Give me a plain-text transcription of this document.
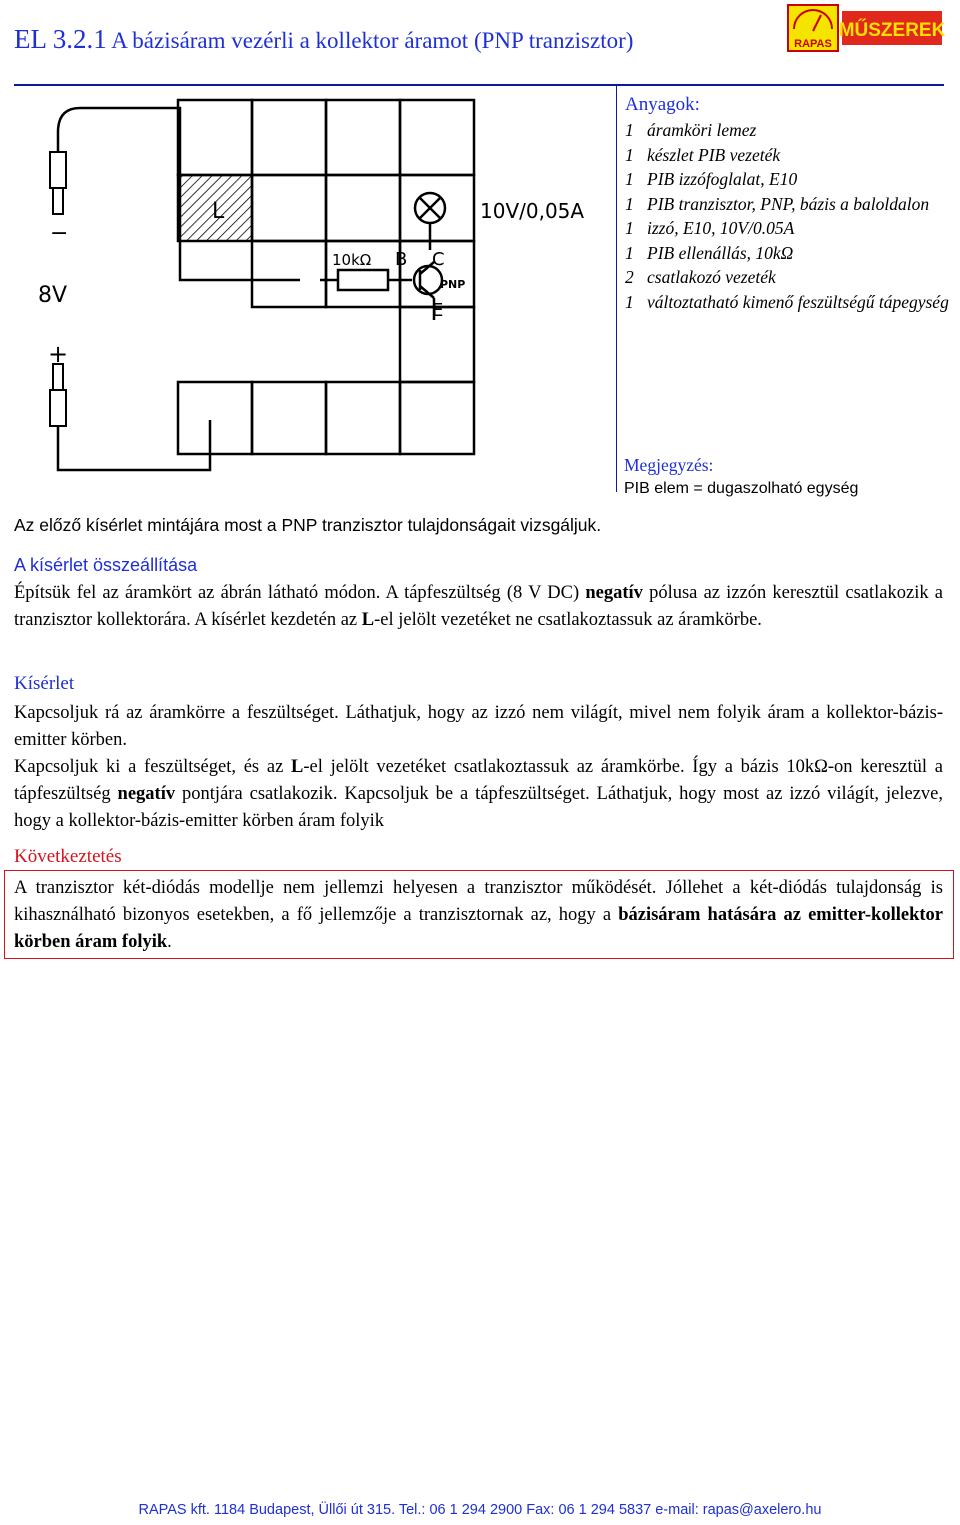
EL 3.2.1 A bázisáram vezérli a kollektor áramot (PNP tranzisztor)	RAPAS
MŰSZEREK
−
8V
+
L
10kΩ B C
PNP
E
10V/0,05A
Anyagok:
1 áramköri lemez
1 készlet PIB vezeték
1 PIB izzófoglalat, E10
1 PIB tranzisztor, PNP, bázis a baloldalon
1 izzó, E10, 10V/0.05A
1 PIB ellenállás, 10kΩ
2 csatlakozó vezeték
1 változtatható kimenő feszültségű tápegység
Megjegyzés:
PIB elem = dugaszolható egység
Az előző kísérlet mintájára most a PNP tranzisztor tulajdonságait vizsgáljuk.
A kísérlet összeállítása
Építsük fel az áramkört az ábrán látható módon. A tápfeszültség (8 V DC) negatív pólusa az izzón keresztül csatlakozik a tranzisztor kollektorára. A kísérlet kezdetén az L-el jelölt vezetéket ne csatlakoztassuk az áramkörbe.
Kísérlet
Kapcsoljuk rá az áramkörre a feszültséget. Láthatjuk, hogy az izzó nem világít, mivel nem folyik áram a kollektor-bázis-emitter körben.
Kapcsoljuk ki a feszültséget, és az L-el jelölt vezetéket csatlakoztassuk az áramkörbe. Így a bázis 10kΩ-on keresztül a tápfeszültség negatív pontjára csatlakozik. Kapcsoljuk be a tápfeszültséget. Láthatjuk, hogy most az izzó világít, jelezve, hogy a kollektor-bázis-emitter körben áram folyik
Következtetés
A tranzisztor két-diódás modellje nem jellemzi helyesen a tranzisztor működését. Jóllehet a két-diódás tulajdonság is kihasználható bizonyos esetekben, a fő jellemzője a tranzisztornak az, hogy a bázisáram hatására az emitter-kollektor körben áram folyik.
RAPAS kft. 1184 Budapest, Üllői út 315. Tel.: 06 1 294 2900 Fax: 06 1 294 5837 e-mail: rapas@axelero.hu
